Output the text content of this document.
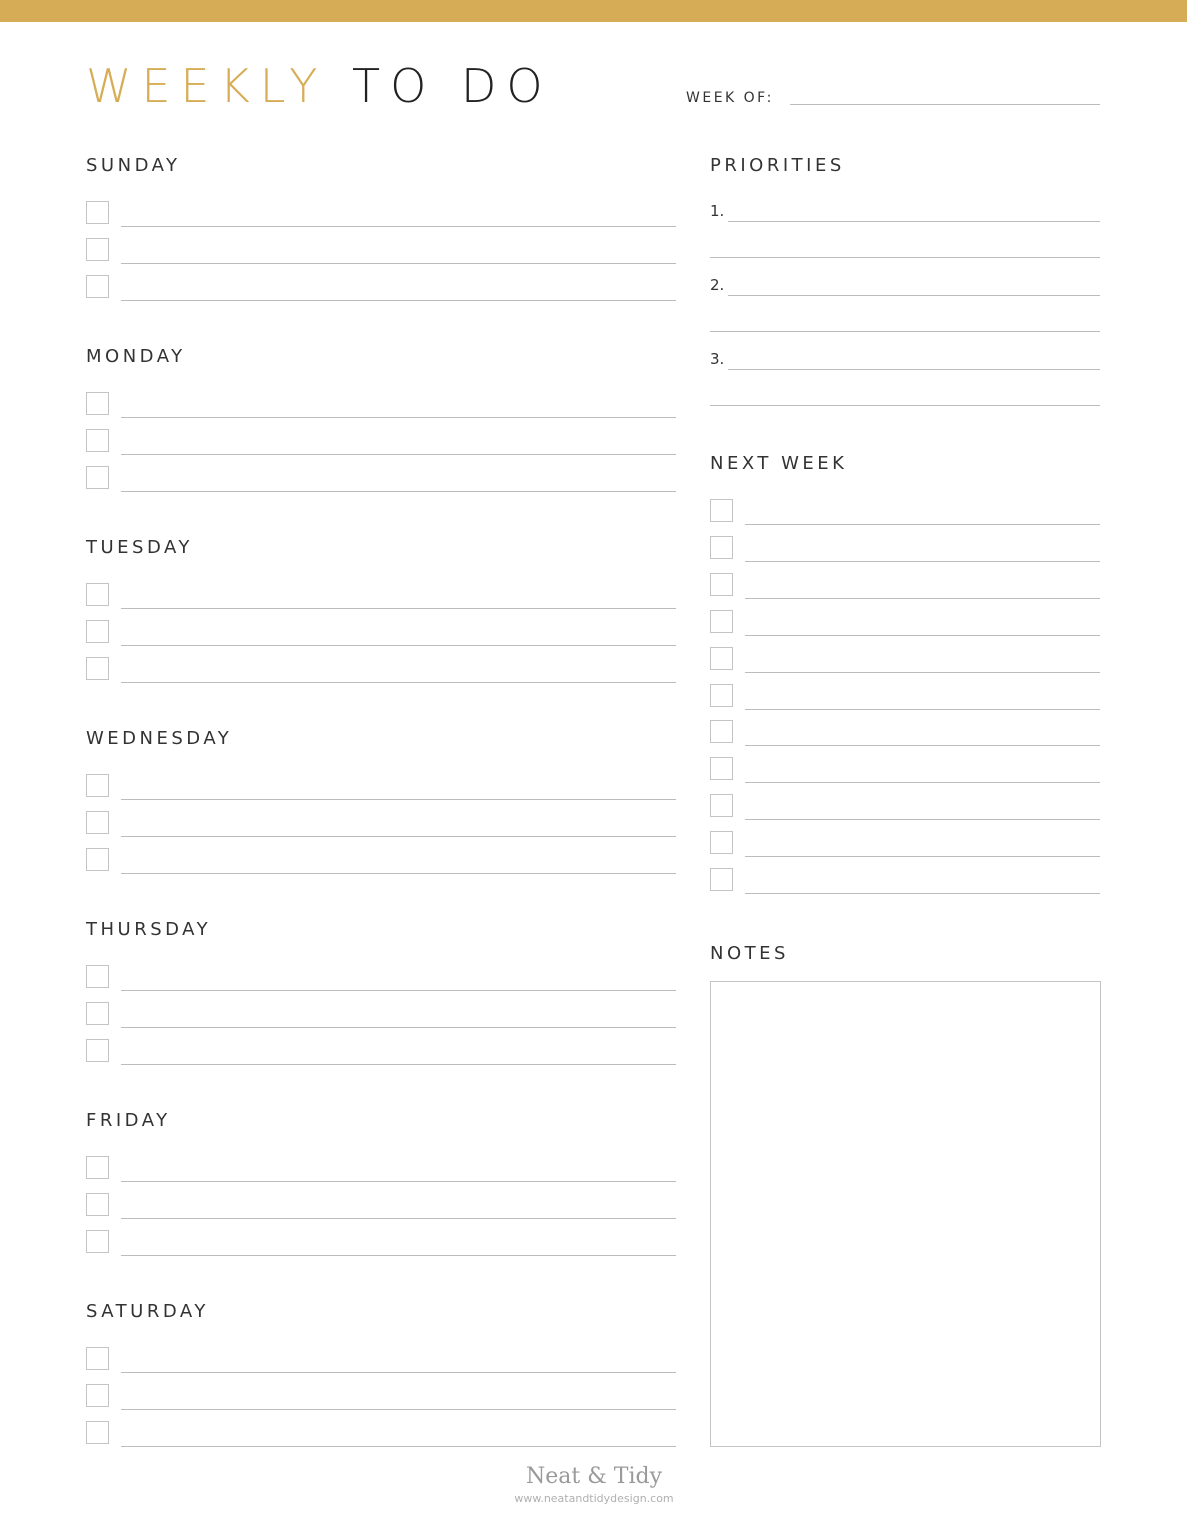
WEEKLY TO DO	WEEK OF:
SUNDAY
MONDAY
TUESDAY
WEDNESDAY
THURSDAY
FRIDAY
SATURDAY
PRIORITIES
1.
2.
3.
NEXT WEEK
NOTES
Neat & Tidy
www.neatandtidydesign.com
